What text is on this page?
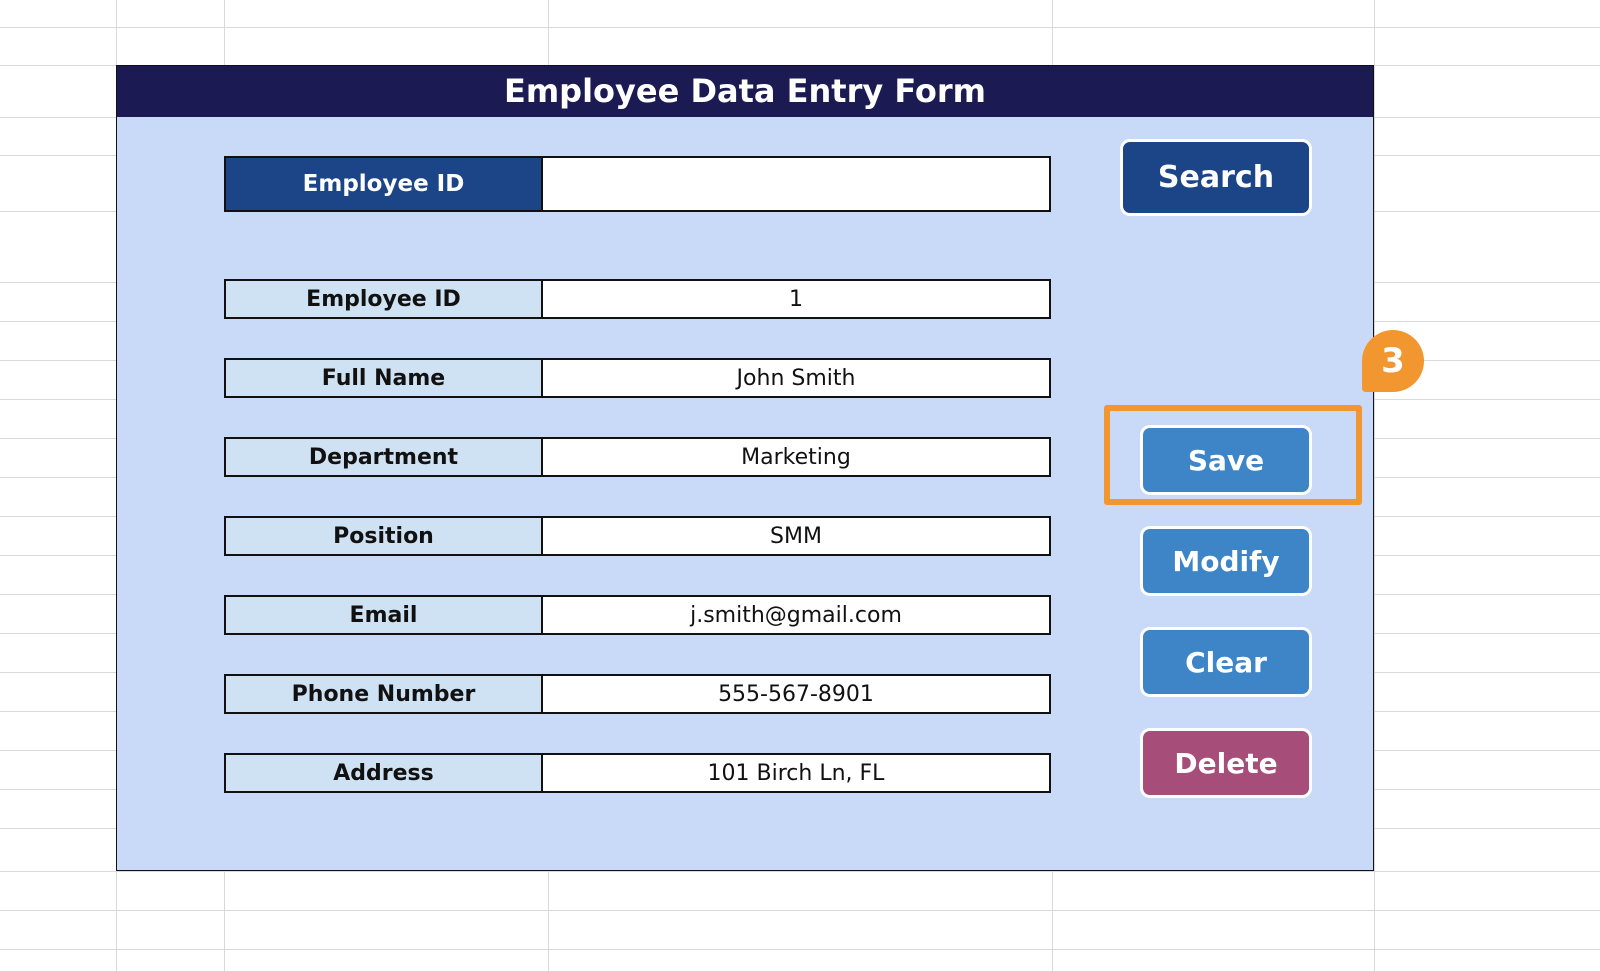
Employee Data Entry Form
Employee ID
Employee ID	1
Full Name	John Smith
Department	Marketing
Position	SMM
Email	j.smith@gmail.com
Phone Number	555-567-8901
Address	101 Birch Ln, FL
Search
Save
Modify
Clear
Delete
3
